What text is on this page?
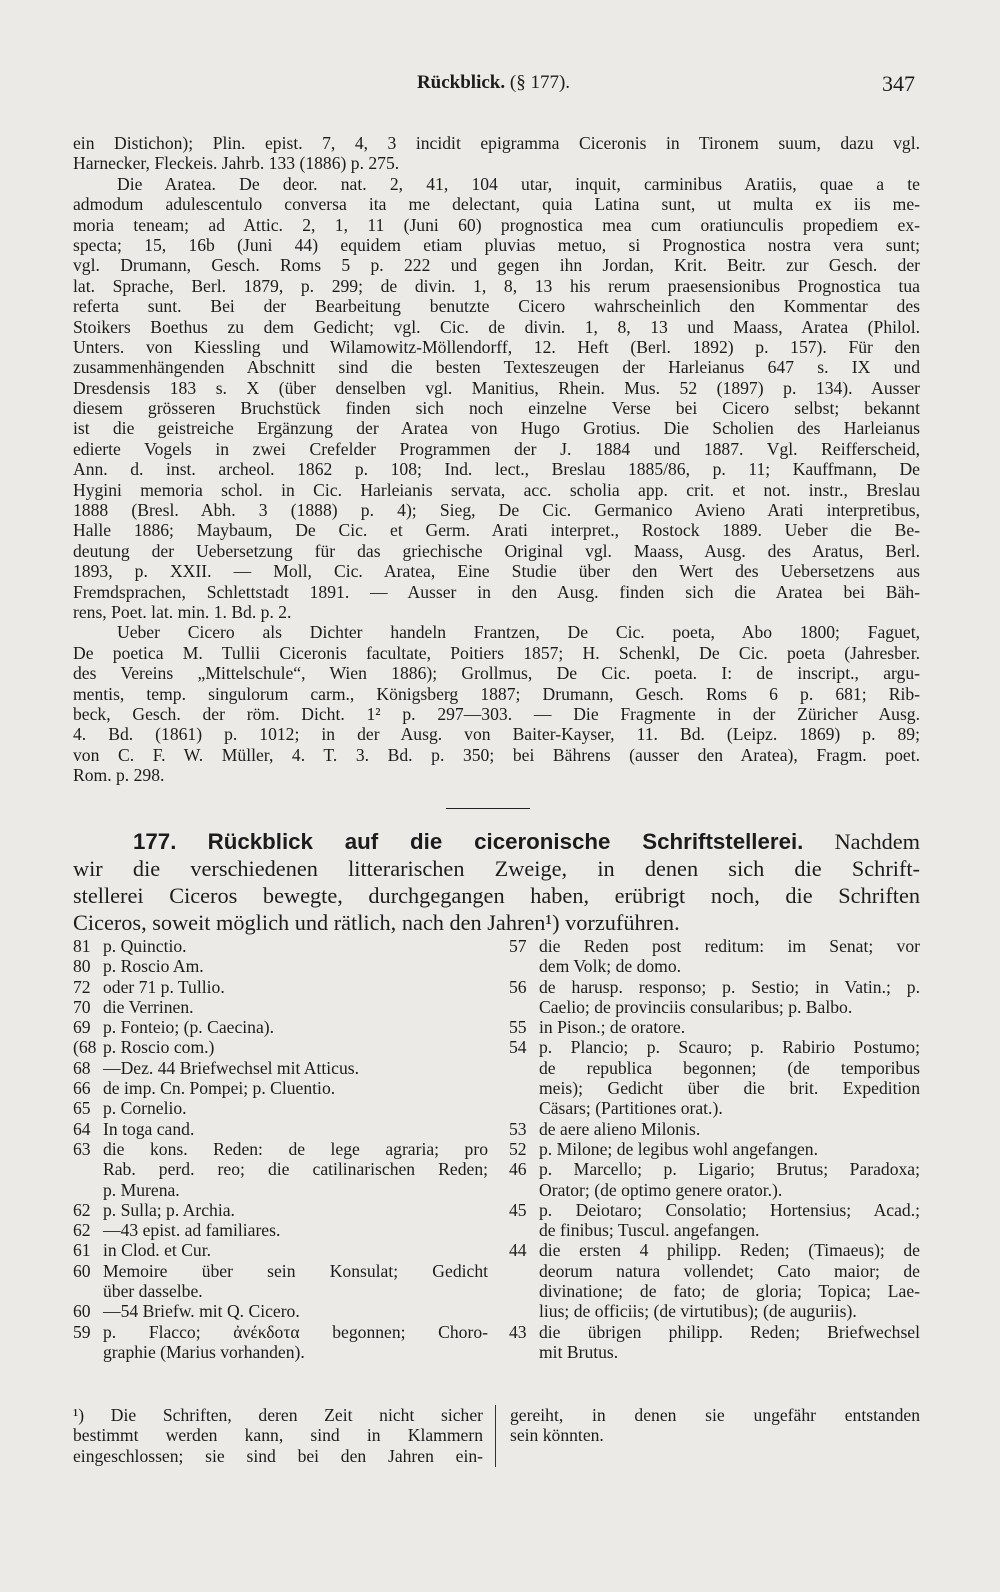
Rückblick. (§ 177).	347
ein Distichon); Plin. epist. 7, 4, 3 incidit epigramma Ciceronis in Tironem suum, dazu vgl.
Harnecker, Fleckeis. Jahrb. 133 (1886) p. 275.
Die Aratea. De deor. nat. 2, 41, 104 utar, inquit, carminibus Aratiis, quae a te
admodum adulescentulo conversa ita me delectant, quia Latina sunt, ut multa ex iis me-
moria teneam; ad Attic. 2, 1, 11 (Juni 60) prognostica mea cum oratiunculis propediem ex-
specta; 15, 16b (Juni 44) equidem etiam pluvias metuo, si Prognostica nostra vera sunt;
vgl. Drumann, Gesch. Roms 5 p. 222 und gegen ihn Jordan, Krit. Beitr. zur Gesch. der
lat. Sprache, Berl. 1879, p. 299; de divin. 1, 8, 13 his rerum praesensionibus Prognostica tua
referta sunt. Bei der Bearbeitung benutzte Cicero wahrscheinlich den Kommentar des
Stoikers Boethus zu dem Gedicht; vgl. Cic. de divin. 1, 8, 13 und Maass, Aratea (Philol.
Unters. von Kiessling und Wilamowitz-Möllendorff, 12. Heft (Berl. 1892) p. 157). Für den
zusammenhängenden Abschnitt sind die besten Texteszeugen der Harleianus 647 s. IX und
Dresdensis 183 s. X (über denselben vgl. Manitius, Rhein. Mus. 52 (1897) p. 134). Ausser
diesem grösseren Bruchstück finden sich noch einzelne Verse bei Cicero selbst; bekannt
ist die geistreiche Ergänzung der Aratea von Hugo Grotius. Die Scholien des Harleianus
edierte Vogels in zwei Crefelder Programmen der J. 1884 und 1887. Vgl. Reifferscheid,
Ann. d. inst. archeol. 1862 p. 108; Ind. lect., Breslau 1885/86, p. 11; Kauffmann, De
Hygini memoria schol. in Cic. Harleianis servata, acc. scholia app. crit. et not. instr., Breslau
1888 (Bresl. Abh. 3 (1888) p. 4); Sieg, De Cic. Germanico Avieno Arati interpretibus,
Halle 1886; Maybaum, De Cic. et Germ. Arati interpret., Rostock 1889. Ueber die Be-
deutung der Uebersetzung für das griechische Original vgl. Maass, Ausg. des Aratus, Berl.
1893, p. XXII. — Moll, Cic. Aratea, Eine Studie über den Wert des Uebersetzens aus
Fremdsprachen, Schlettstadt 1891. — Ausser in den Ausg. finden sich die Aratea bei Bäh-
rens, Poet. lat. min. 1. Bd. p. 2.
Ueber Cicero als Dichter handeln Frantzen, De Cic. poeta, Abo 1800; Faguet,
De poetica M. Tullii Ciceronis facultate, Poitiers 1857; H. Schenkl, De Cic. poeta (Jahresber.
des Vereins „Mittelschule“, Wien 1886); Grollmus, De Cic. poeta. I: de inscript., argu-
mentis, temp. singulorum carm., Königsberg 1887; Drumann, Gesch. Roms 6 p. 681; Rib-
beck, Gesch. der röm. Dicht. 1² p. 297—303. — Die Fragmente in der Züricher Ausg.
4. Bd. (1861) p. 1012; in der Ausg. von Baiter-Kayser, 11. Bd. (Leipz. 1869) p. 89;
von C. F. W. Müller, 4. T. 3. Bd. p. 350; bei Bährens (ausser den Aratea), Fragm. poet.
Rom. p. 298.
177. Rückblick auf die ciceronische Schriftstellerei. Nachdem
wir die verschiedenen litterarischen Zweige, in denen sich die Schrift-
stellerei Ciceros bewegte, durchgegangen haben, erübrigt noch, die Schriften
Ciceros, soweit möglich und rätlich, nach den Jahren¹) vorzuführen.
81 p. Quinctio.
80 p. Roscio Am.
72 oder 71 p. Tullio.
70 die Verrinen.
69 p. Fonteio; (p. Caecina).
(68 p. Roscio com.)
68 —Dez. 44 Briefwechsel mit Atticus.
66 de imp. Cn. Pompei; p. Cluentio.
65 p. Cornelio.
64 In toga cand.
63 die kons. Reden: de lege agraria; pro
Rab. perd. reo; die catilinarischen Reden;
p. Murena.
62 p. Sulla; p. Archia.
62 —43 epist. ad familiares.
61 in Clod. et Cur.
60 Memoire über sein Konsulat; Gedicht
über dasselbe.
60 —54 Briefw. mit Q. Cicero.
59 p. Flacco; ἀνέκδοτα begonnen; Choro-
graphie (Marius vorhanden).
57 die Reden post reditum: im Senat; vor
dem Volk; de domo.
56 de harusp. responso; p. Sestio; in Vatin.; p.
Caelio; de provinciis consularibus; p. Balbo.
55 in Pison.; de oratore.
54 p. Plancio; p. Scauro; p. Rabirio Postumo;
de republica begonnen; (de temporibus
meis); Gedicht über die brit. Expedition
Cäsars; (Partitiones orat.).
53 de aere alieno Milonis.
52 p. Milone; de legibus wohl angefangen.
46 p. Marcello; p. Ligario; Brutus; Paradoxa;
Orator; (de optimo genere orator.).
45 p. Deiotaro; Consolatio; Hortensius; Acad.;
de finibus; Tuscul. angefangen.
44 die ersten 4 philipp. Reden; (Timaeus); de
deorum natura vollendet; Cato maior; de
divinatione; de fato; de gloria; Topica; Lae-
lius; de officiis; (de virtutibus); (de auguriis).
43 die übrigen philipp. Reden; Briefwechsel
mit Brutus.
¹) Die Schriften, deren Zeit nicht sicher
bestimmt werden kann, sind in Klammern
eingeschlossen; sie sind bei den Jahren ein-
gereiht, in denen sie ungefähr entstanden
sein könnten.
